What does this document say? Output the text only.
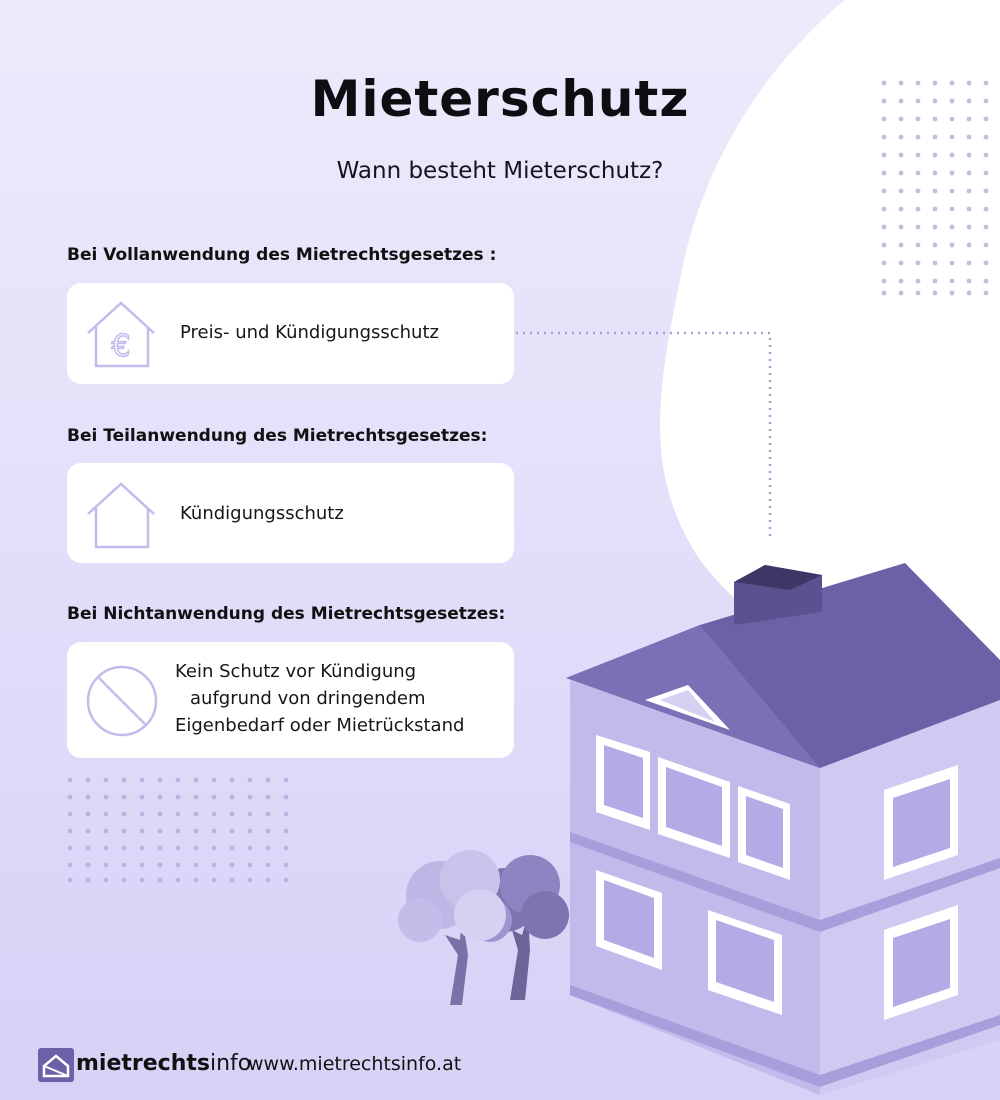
Mieterschutz
Wann besteht Mieterschutz?
Bei Vollanwendung des Mietrechtsgesetzes :
€	Preis- und Kündigungsschutz
Bei Teilanwendung des Mietrechtsgesetzes:
Kündigungsschutz
Bei Nichtanwendung des Mietrechtsgesetzes:
Kein Schutz vor Kündigung
aufgrund von dringendem
Eigenbedarf oder Mietrückstand
mietrechtsinfo
www.mietrechtsinfo.at
